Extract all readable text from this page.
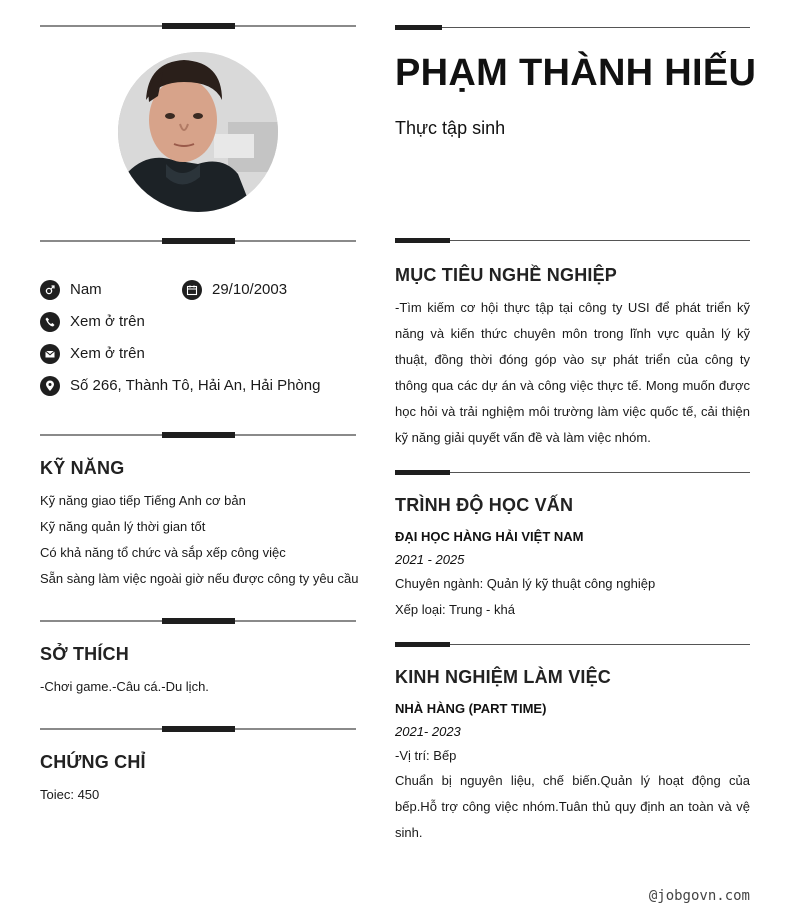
Nam	29/10/2003
Xem ở trên
Xem ở trên
Số 266, Thành Tô, Hải An, Hải Phòng
KỸ NĂNG
Kỹ năng giao tiếp Tiếng Anh cơ bản
Kỹ năng quản lý thời gian tốt
Có khả năng tổ chức và sắp xếp công việc
Sẵn sàng làm việc ngoài giờ nếu được công ty yêu cầu
SỞ THÍCH
-Chơi game.-Câu cá.-Du lịch.
CHỨNG CHỈ
Toiec: 450
PHẠM THÀNH HIẾU
Thực tập sinh
MỤC TIÊU NGHỀ NGHIỆP
-Tìm kiếm cơ hội thực tập tại công ty USI để phát triển kỹ năng và kiến thức chuyên môn trong lĩnh vực quản lý kỹ thuật, đồng thời đóng góp vào sự phát triển của công ty thông qua các dự án và công việc thực tế. Mong muốn được học hỏi và trải nghiệm môi trường làm việc quốc tế, cải thiện kỹ năng giải quyết vấn đề và làm việc nhóm.
TRÌNH ĐỘ HỌC VẤN
ĐẠI HỌC HÀNG HẢI VIỆT NAM
2021 - 2025
Chuyên ngành: Quản lý kỹ thuật công nghiệp
Xếp loại: Trung - khá
KINH NGHIỆM LÀM VIỆC
NHÀ HÀNG (PART TIME)
2021- 2023
-Vị trí: Bếp
Chuẩn bị nguyên liệu, chế biến.Quản lý hoạt động của bếp.Hỗ trợ công việc nhóm.Tuân thủ quy định an toàn và vệ sinh.
@jobgovn.com
